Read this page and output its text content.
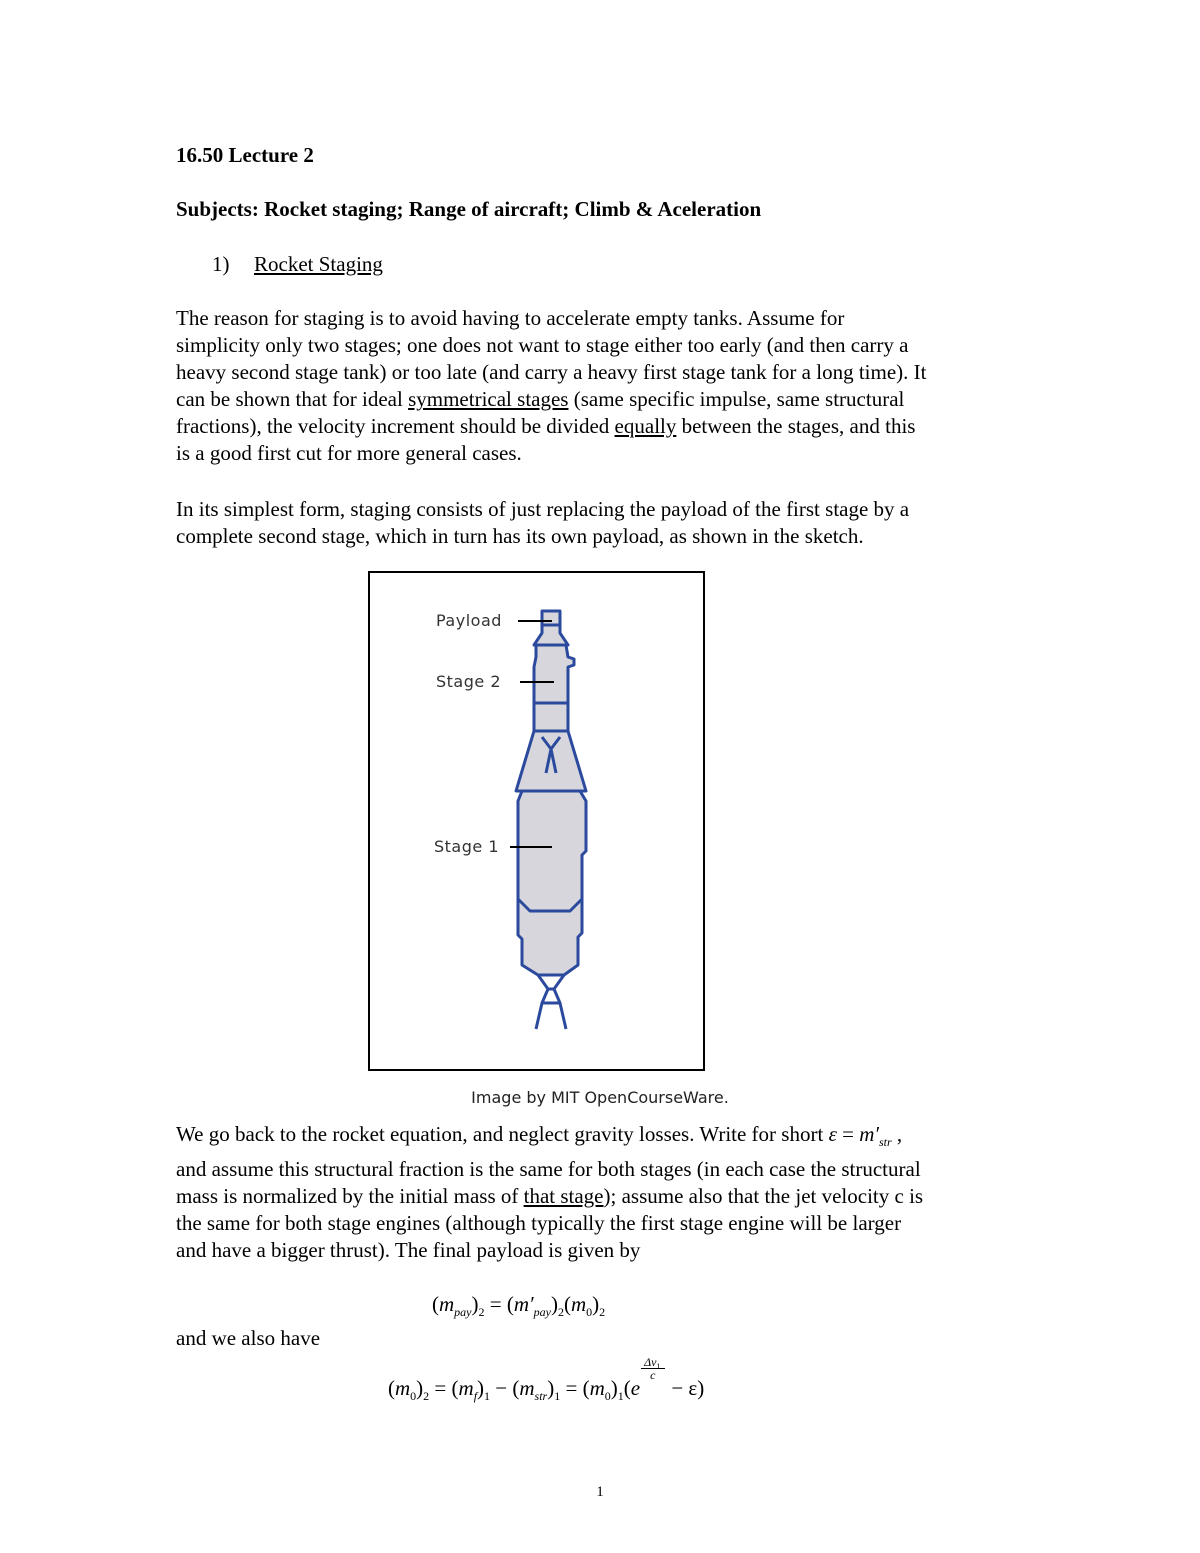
16.50 Lecture 2
Subjects: Rocket staging; Range of aircraft; Climb & Aceleration
1) Rocket Staging
The reason for staging is to avoid having to accelerate empty tanks. Assume for
simplicity only two stages; one does not want to stage either too early (and then carry a
heavy second stage tank) or too late (and carry a heavy first stage tank for a long time). It
can be shown that for ideal symmetrical stages (same specific impulse, same structural
fractions), the velocity increment should be divided equally between the stages, and this
is a good first cut for more general cases.
In its simplest form, staging consists of just replacing the payload of the first stage by a
complete second stage, which in turn has its own payload, as shown in the sketch.
Payload
Stage 2
Stage 1
Image by MIT OpenCourseWare.
We go back to the rocket equation, and neglect gravity losses. Write for short $\varepsilon = m'_{str}$ ,
and assume this structural fraction is the same for both stages (in each case the structural
mass is normalized by the initial mass of that stage); assume also that the jet velocity c is
the same for both stage engines (although typically the first stage engine will be larger
and have a bigger thrust). The final payload is given by
$(m_{pay})_2 = (m'_{pay})_2(m_0)_2$
and we also have
$(m_0)_2 = (m_f)_1 - (m_{str})_1 = (m_0)_1(e \frac{\Delta v_1}{c} - \varepsilon)$
1
